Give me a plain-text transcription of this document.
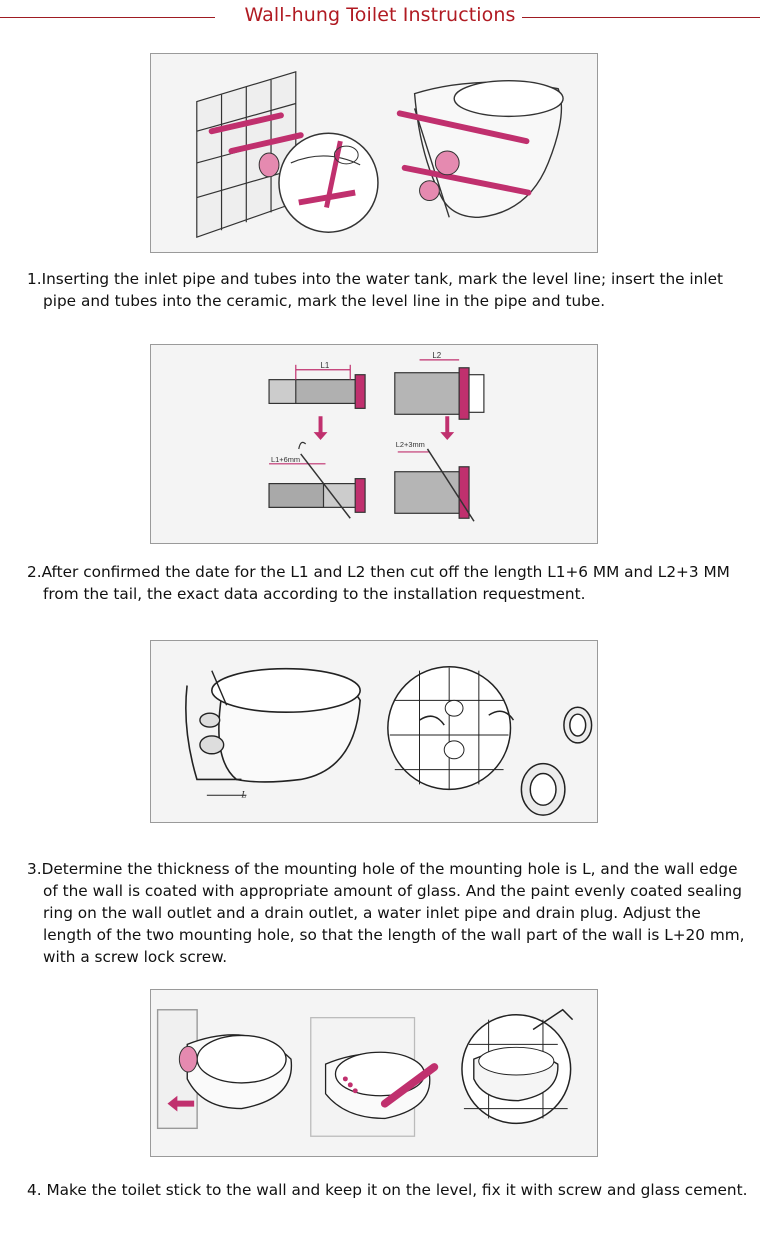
Wall-hung Toilet Instructions
1.Inserting the inlet pipe and tubes into the water tank, mark the level line; insert the inlet pipe and tubes into the ceramic, mark the level line in the pipe and tube.
L1
L1+6mm
L2
L2+3mm
2.After confirmed the date for the L1 and L2 then cut off the length L1+6 MM and L2+3 MM from the tail, the exact data according to the installation requestment.
L
3.Determine the thickness of the mounting hole of the mounting hole is L, and the wall edge of the wall is coated with appropriate amount of glass. And the paint evenly coated sealing ring on the wall outlet and a drain outlet, a water inlet pipe and drain plug. Adjust the length of the two mounting hole, so that the length of the wall part of the wall is L+20 mm, with a screw lock screw.
4. Make the toilet stick to the wall and keep it on the level, fix it with screw and glass cement.
